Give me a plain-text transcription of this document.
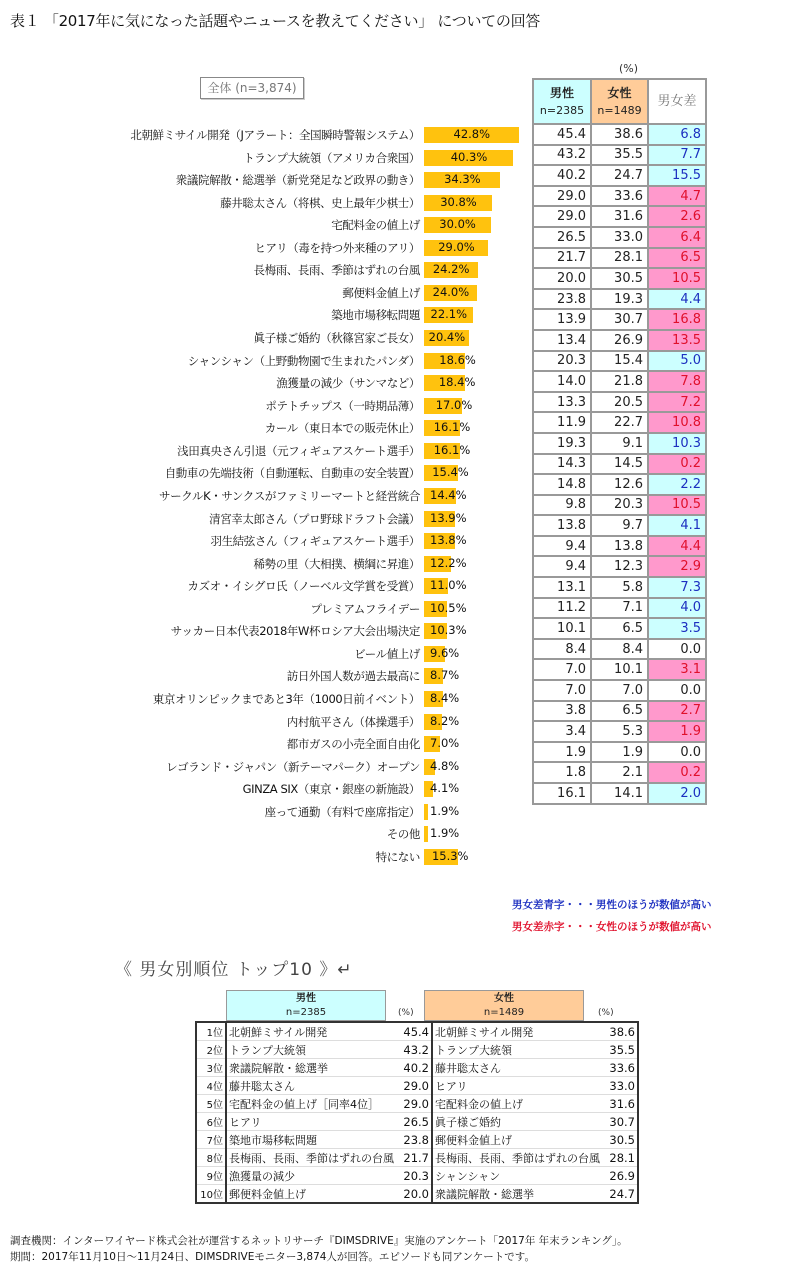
表１ 「2017年に気になった話題やニュースを教えてください」 についての回答
全体 (n=3,874)
(%)
北朝鮮ミサイル開発（Jアラート：全国瞬時警報システム）	42.8%
トランプ大統領（アメリカ合衆国）	40.3%
衆議院解散・総選挙（新党発足など政界の動き） 34.3%
藤井聡太さん（将棋、史上最年少棋士） 30.8%
宅配料金の値上げ 30.0%
ヒアリ（毒を持つ外来種のアリ） 29.0%
長梅雨、長雨、季節はずれの台風 24.2%
郵便料金値上げ 24.0%
築地市場移転問題 22.1%
眞子様ご婚約（秋篠宮家ご長女） 20.4%
シャンシャン（上野動物園で生まれたパンダ） 18.6%
漁獲量の減少（サンマなど） 18.4%
ポテトチップス（一時期品薄） 17.0%
カール（東日本での販売休止） 16.1%
浅田真央さん引退（元フィギュアスケート選手） 16.1%
自動車の先端技術（自動運転、自動車の安全装置） 15.4%
サークルK・サンクスがファミリーマートと経営統合 14.4%
清宮幸太郎さん（プロ野球ドラフト会議） 13.9%
羽生結弦さん（フィギュアスケート選手） 13.8%
稀勢の里（大相撲、横綱に昇進） 12.2%
カズオ・イシグロ氏（ノーベル文学賞を受賞） 11.0%
プレミアムフライデー 10.5%
サッカー日本代表2018年W杯ロシア大会出場決定 10.3%
ビール値上げ 9.6%
訪日外国人数が過去最高に 8.7%
東京オリンピックまであと3年（1000日前イベント） 8.4%
内村航平さん（体操選手） 8.2%
都市ガスの小売全面自由化 7.0%
レゴランド・ジャパン（新テーマパーク）オープン 4.8%
GINZA SIX（東京・銀座の新施設） 4.1%
座って通勤（有料で座席指定） 1.9%
その他 1.9%
特にない 15.3%
男性
n=2385	女性
n=1489	男女差
45.4	38.6	6.8
43.2	35.5	7.7
40.2	24.7	15.5
29.0	33.6	4.7
29.0	31.6	2.6
26.5	33.0	6.4
21.7	28.1	6.5
20.0	30.5	10.5
23.8	19.3	4.4
13.9	30.7	16.8
13.4	26.9	13.5
20.3	15.4	5.0
14.0	21.8	7.8
13.3	20.5	7.2
11.9	22.7	10.8
19.3	9.1	10.3
14.3	14.5	0.2
14.8	12.6	2.2
9.8	20.3	10.5
13.8	9.7	4.1
9.4	13.8	4.4
9.4	12.3	2.9
13.1	5.8	7.3
11.2	7.1	4.0
10.1	6.5	3.5
8.4	8.4	0.0
7.0	10.1	3.1
7.0	7.0	0.0
3.8	6.5	2.7
3.4	5.3	1.9
1.9	1.9	0.0
1.8	2.1	0.2
16.1	14.1	2.0
男女差青字・・・男性のほうが数値が高い
男女差赤字・・・女性のほうが数値が高い
《 男女別順位 トップ10 》↵
男性
n=2385	(%)
女性
n=1489	(%)
1位	北朝鮮ミサイル開発	45.4	北朝鮮ミサイル開発	38.6
2位	トランプ大統領	43.2	トランプ大統領	35.5
3位	衆議院解散・総選挙	40.2	藤井聡太さん	33.6
4位	藤井聡太さん	29.0	ヒアリ	33.0
5位	宅配料金の値上げ［同率4位］	29.0	宅配料金の値上げ	31.6
6位	ヒアリ	26.5	眞子様ご婚約	30.7
7位	築地市場移転問題	23.8	郵便料金値上げ	30.5
8位	長梅雨、長雨、季節はずれの台風	21.7	長梅雨、長雨、季節はずれの台風	28.1
9位	漁獲量の減少	20.3	シャンシャン	26.9
10位	郵便料金値上げ	20.0	衆議院解散・総選挙	24.7
調査機関：インターワイヤード株式会社が運営するネットリサーチ『DIMSDRIVE』実施のアンケート「2017年 年末ランキング」。
期間：2017年11月10日～11月24日、DIMSDRIVEモニター3,874人が回答。エピソードも同アンケートです。
